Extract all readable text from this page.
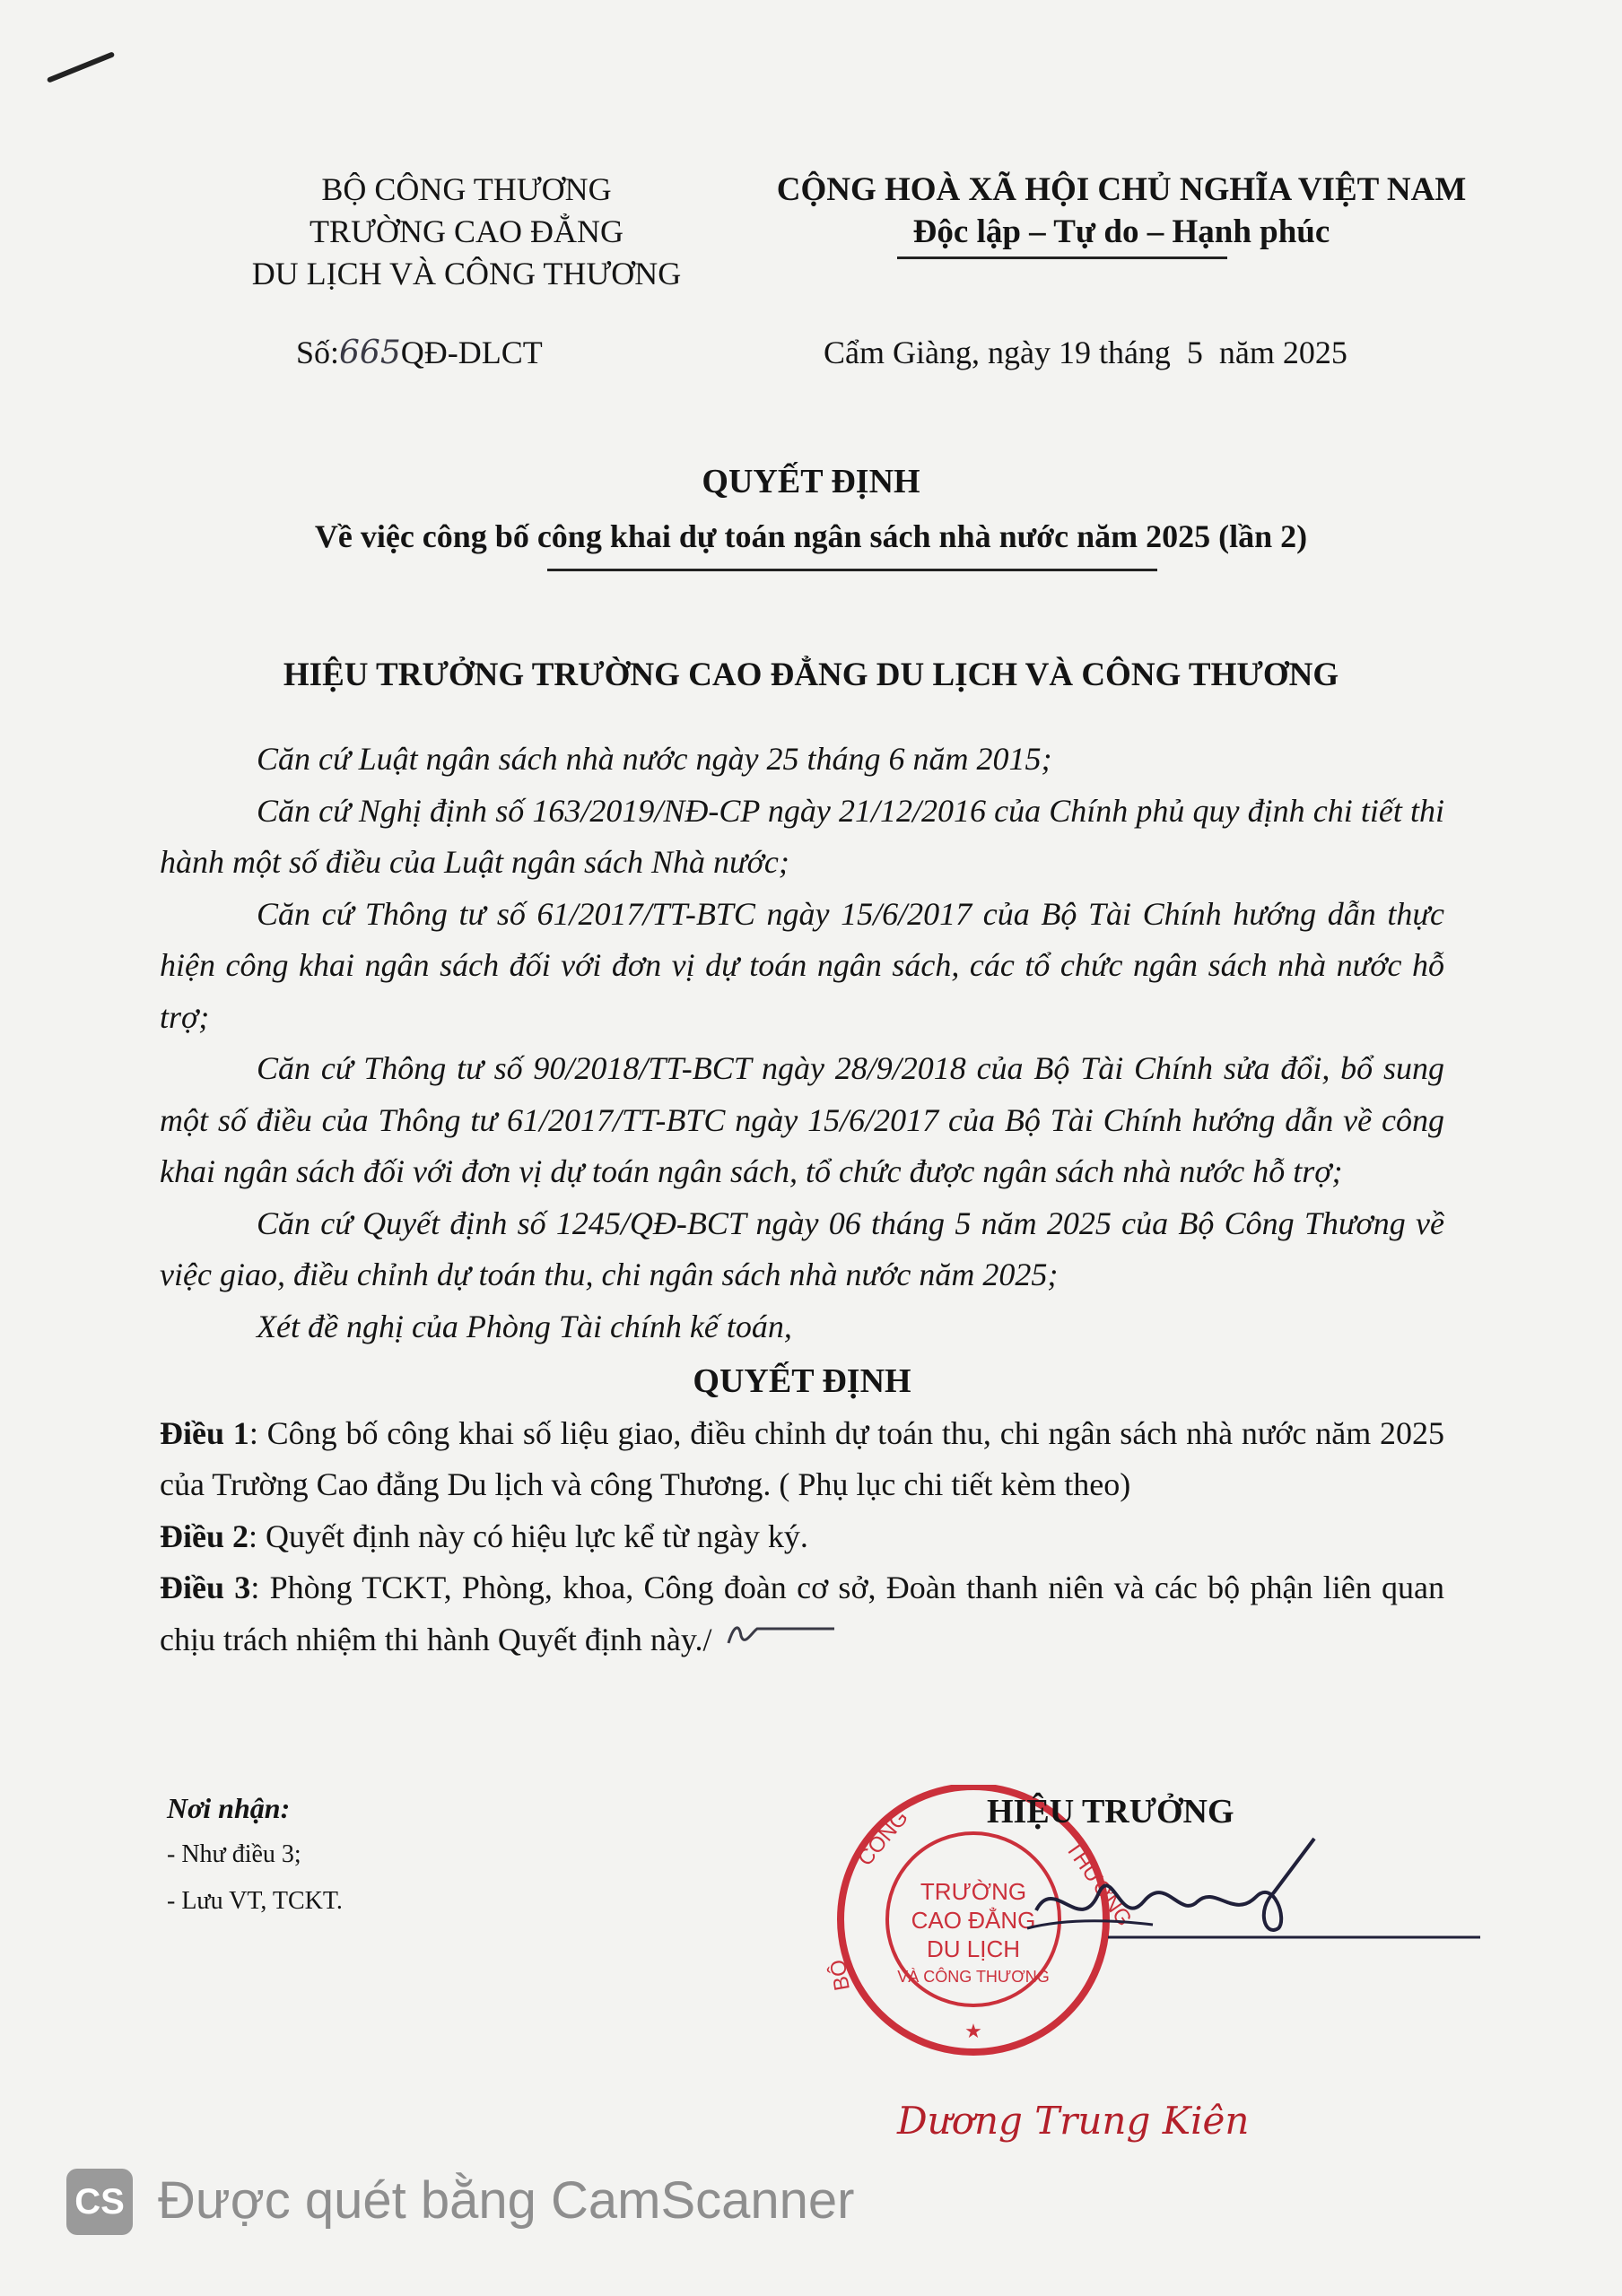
BỘ CÔNG THƯƠNG
TRƯỜNG CAO ĐẲNG
DU LỊCH VÀ CÔNG THƯƠNG
CỘNG HOÀ XÃ HỘI CHỦ NGHĨA VIỆT NAM
Độc lập – Tự do – Hạnh phúc
Số:665QĐ-DLCT	Cẩm Giàng, ngày 19 tháng  5  năm 2025
QUYẾT ĐỊNH
Về việc công bố công khai dự toán ngân sách nhà nước năm 2025 (lần 2)
HIỆU TRƯỞNG TRƯỜNG CAO ĐẲNG DU LỊCH VÀ CÔNG THƯƠNG

Căn cứ Luật ngân sách nhà nước ngày 25 tháng 6 năm 2015;

Căn cứ Nghị định số 163/2019/NĐ-CP ngày 21/12/2016 của Chính phủ quy định chi tiết thi hành một số điều của Luật ngân sách Nhà nước;

Căn cứ Thông tư số 61/2017/TT-BTC ngày 15/6/2017 của Bộ Tài Chính hướng dẫn thực hiện công khai ngân sách đối với đơn vị dự toán ngân sách, các tổ chức ngân sách nhà nước hỗ trợ;

Căn cứ Thông tư số 90/2018/TT-BCT ngày 28/9/2018 của Bộ Tài Chính sửa đổi, bổ sung một số điều của Thông tư 61/2017/TT-BTC ngày 15/6/2017 của Bộ Tài Chính hướng dẫn về công khai ngân sách đối với đơn vị dự toán ngân sách, tổ chức được ngân sách nhà nước hỗ trợ;

Căn cứ Quyết định số 1245/QĐ-BCT ngày 06 tháng 5 năm 2025 của Bộ Công Thương về việc giao, điều chỉnh dự toán thu, chi ngân sách nhà nước năm 2025;

Xét đề nghị của Phòng Tài chính kế toán,

QUYẾT ĐỊNH

Điều 1: Công bố công khai số liệu giao, điều chỉnh dự toán thu, chi ngân sách nhà nước năm 2025 của Trường Cao đẳng Du lịch và công Thương. ( Phụ lục chi tiết kèm theo)

Điều 2: Quyết định này có hiệu lực kể từ ngày ký.

Điều 3: Phòng TCKT, Phòng, khoa, Công đoàn cơ sở, Đoàn thanh niên và các bộ phận liên quan chịu trách nhiệm thi hành Quyết định này./

Nơi nhận:
- Như điều 3;
- Lưu VT, TCKT.	TRƯỜNG
CAO ĐẲNG
DU LỊCH
VÀ CÔNG THƯƠNG
CÔNG	THƯƠNG
BỘ
★
HIỆU TRƯỞNG
Dương Trung Kiên
CS Được quét bằng CamScanner
